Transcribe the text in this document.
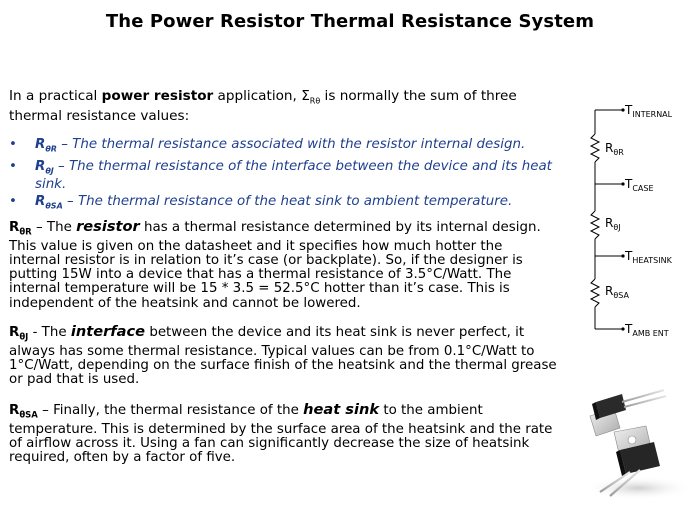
The Power Resistor Thermal Resistance System
In a practical power resistor application, $\Sigma_{R\theta}$ is normally the sum of three thermal resistance values:
• $R_{\theta R}$ – The thermal resistance associated with the resistor internal design.
• $R_{\theta J}$ – The thermal resistance of the interface between the device and its heat sink.
• $R_{\theta SA}$ – The thermal resistance of the heat sink to ambient temperature.
$R_{\theta R}$ – The resistor has a thermal resistance determined by its internal design. This value is given on the datasheet and it specifies how much hotter the internal resistor is in relation to it’s case (or backplate). So, if the designer is putting 15W into a device that has a thermal resistance of 3.5°C/Watt. The internal temperature will be 15 * 3.5 = 52.5°C hotter than it’s case. This is independent of the heatsink and cannot be lowered.
$R_{\theta J}$ - The interface between the device and its heat sink is never perfect, it always has some thermal resistance. Typical values can be from 0.1°C/Watt to 1°C/Watt, depending on the surface finish of the heatsink and the thermal grease or pad that is used.
$R_{\theta SA}$ – Finally, the thermal resistance of the heat sink to the ambient temperature. This is determined by the surface area of the heatsink and the rate of airflow across it. Using a fan can significantly decrease the size of heatsink required, often by a factor of five.
$T_{INTERNAL}$
$T_{CASE}$
$T_{HEATSINK}$
$T_{AMB ENT}$
$R_{\theta R}$
$R_{\theta J}$
$R_{\theta SA}$
